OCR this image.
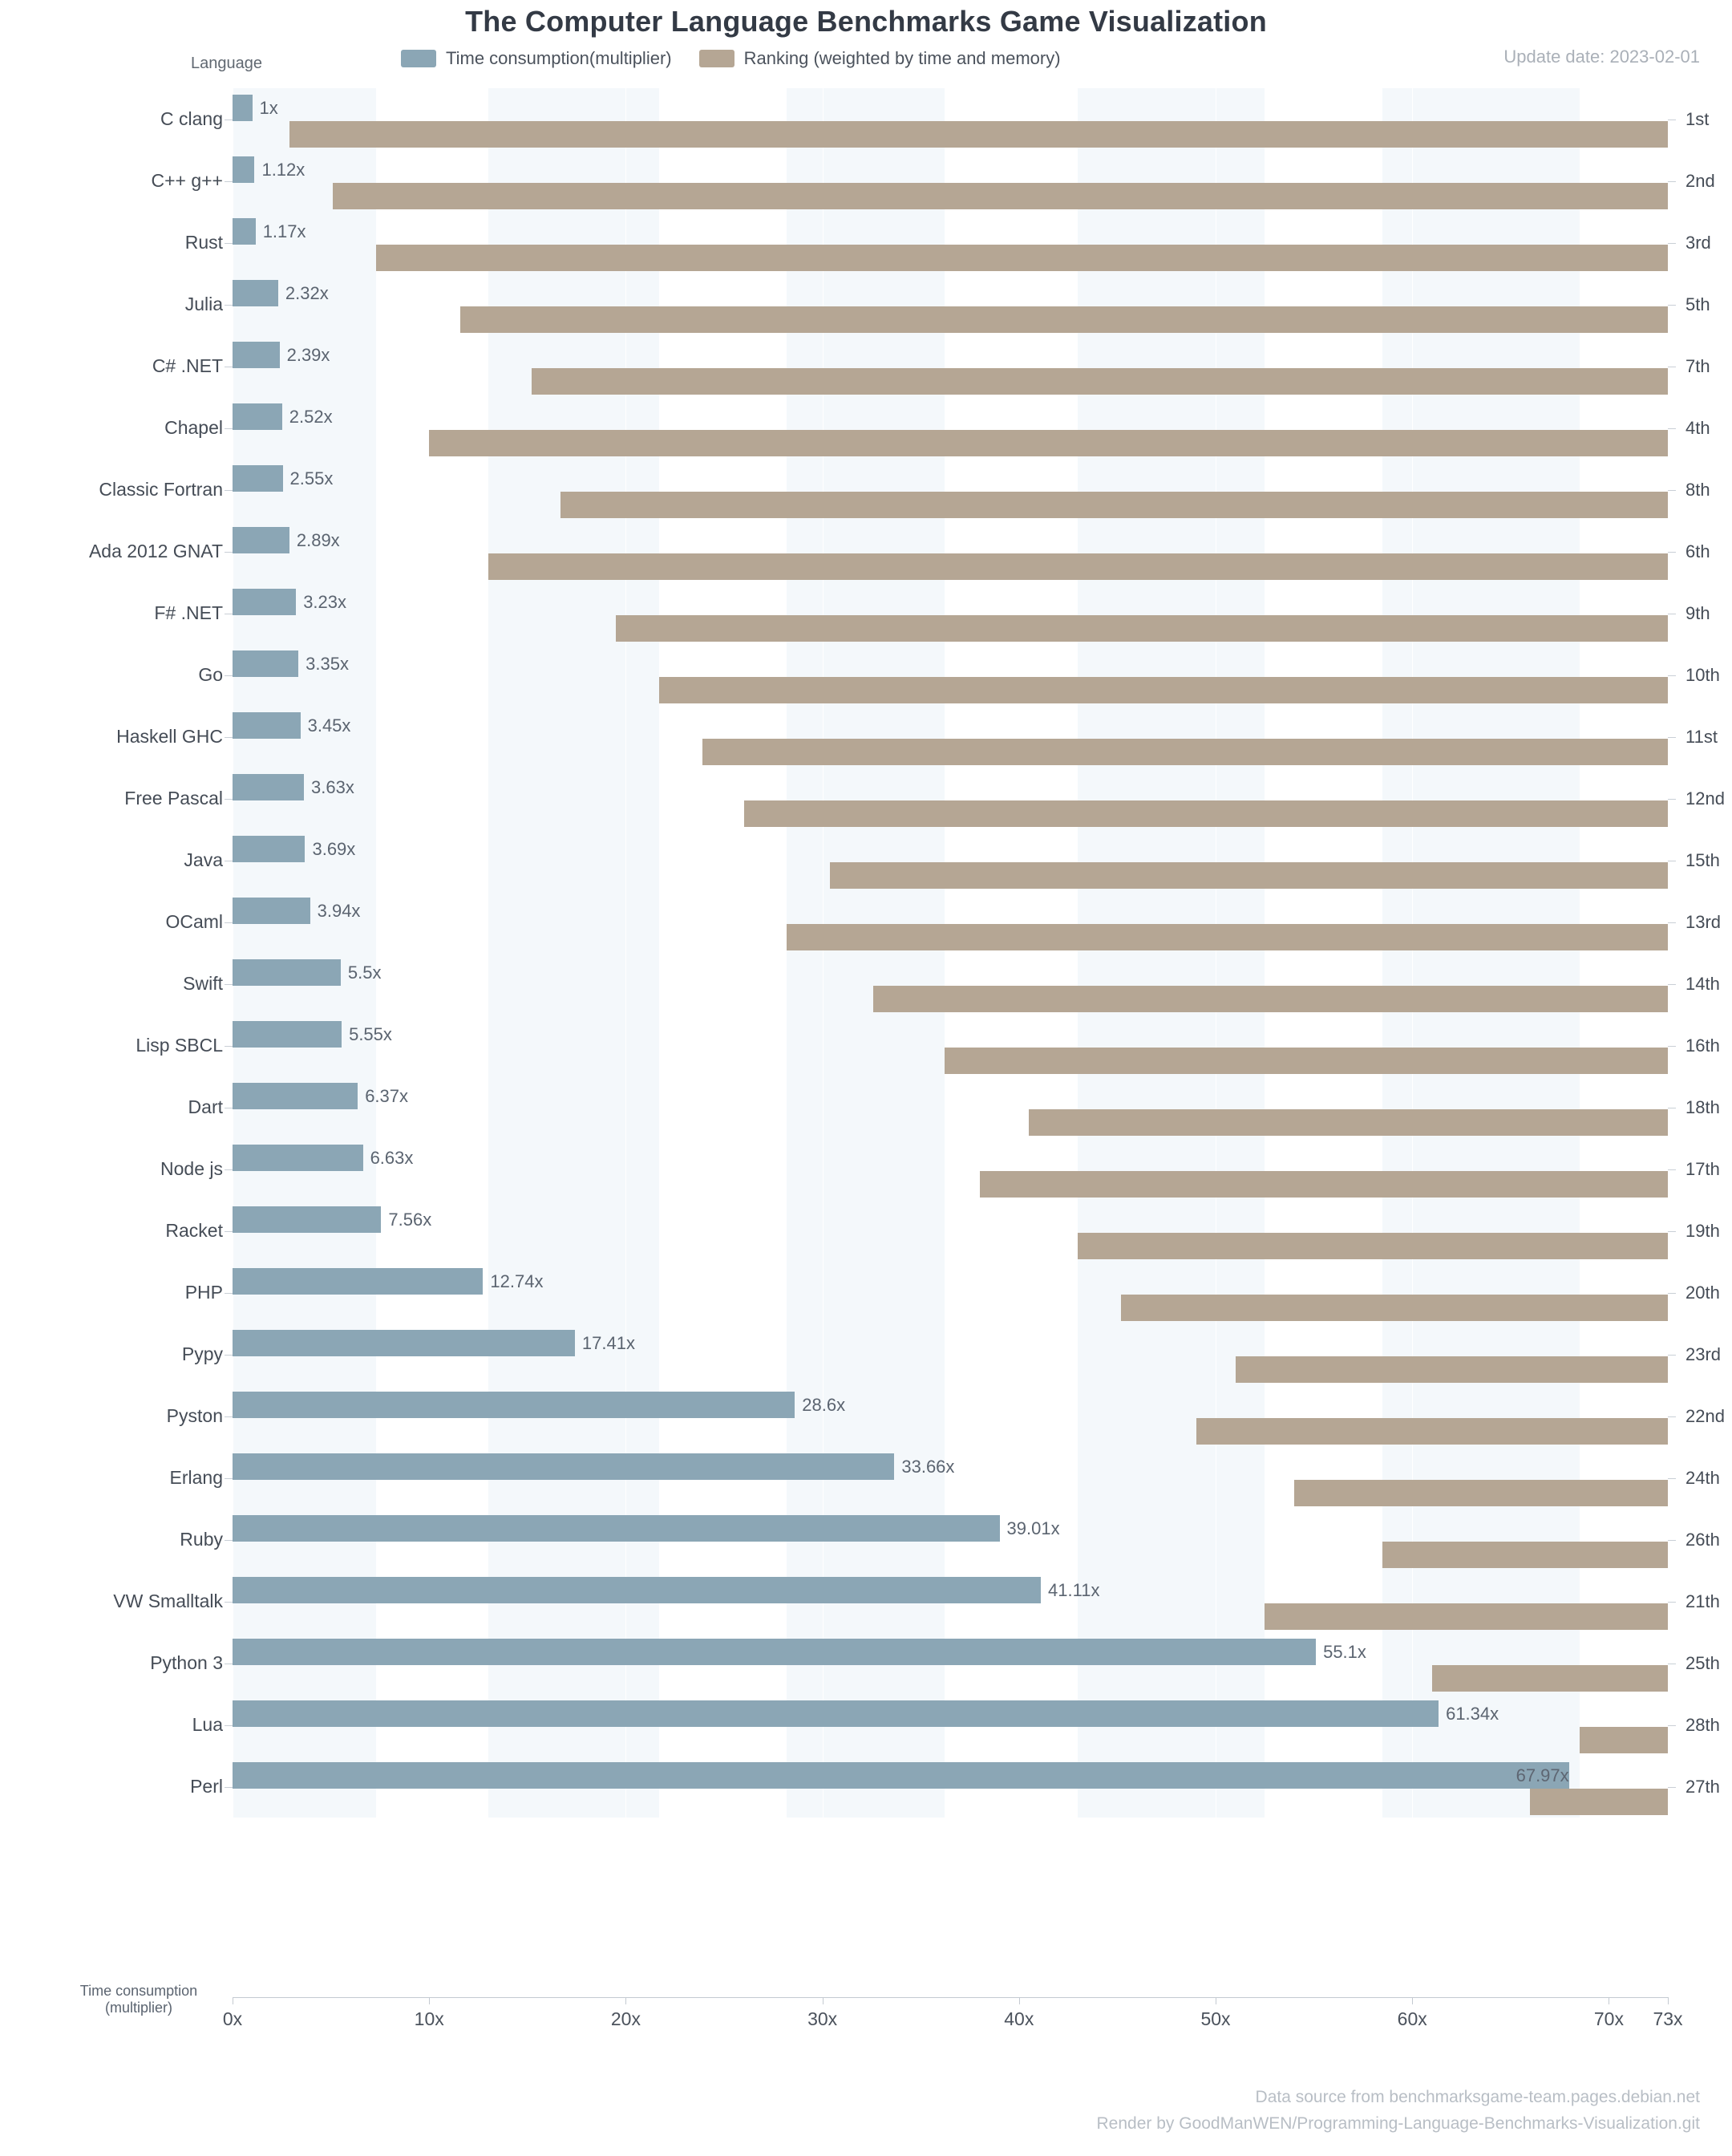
The Computer Language Benchmarks Game Visualization
Update date: 2023-02-01
Language	Time consumption(multiplier)	Ranking (weighted by time and memory)
C clang
1x
1st
C++ g++
1.12x
2nd
Rust
1.17x
3rd
Julia
2.32x
5th
C# .NET
2.39x
7th
Chapel
2.52x
4th
Classic Fortran
2.55x
8th
Ada 2012 GNAT
2.89x
6th
F# .NET
3.23x
9th
Go
3.35x
10th
Haskell GHC
3.45x
11st
Free Pascal
3.63x
12nd
Java
3.69x
15th
OCaml
3.94x
13rd
Swift
5.5x
14th
Lisp SBCL
5.55x
16th
Dart
6.37x
18th
Node js
6.63x
17th
Racket
7.56x
19th
PHP
12.74x
20th
Pypy
17.41x
23rd
Pyston
28.6x
22nd
Erlang
33.66x
24th
Ruby
39.01x
26th
VW Smalltalk
41.11x
21th
Python 3
55.1x
25th
Lua
61.34x
28th
Perl
67.97x
27th
0x	10x	20x	30x	40x	50x	60x	70x 73x
Time consumption
(multiplier)
Data source from benchmarksgame-team.pages.debian.net
Render by GoodManWEN/Programming-Language-Benchmarks-Visualization.git
